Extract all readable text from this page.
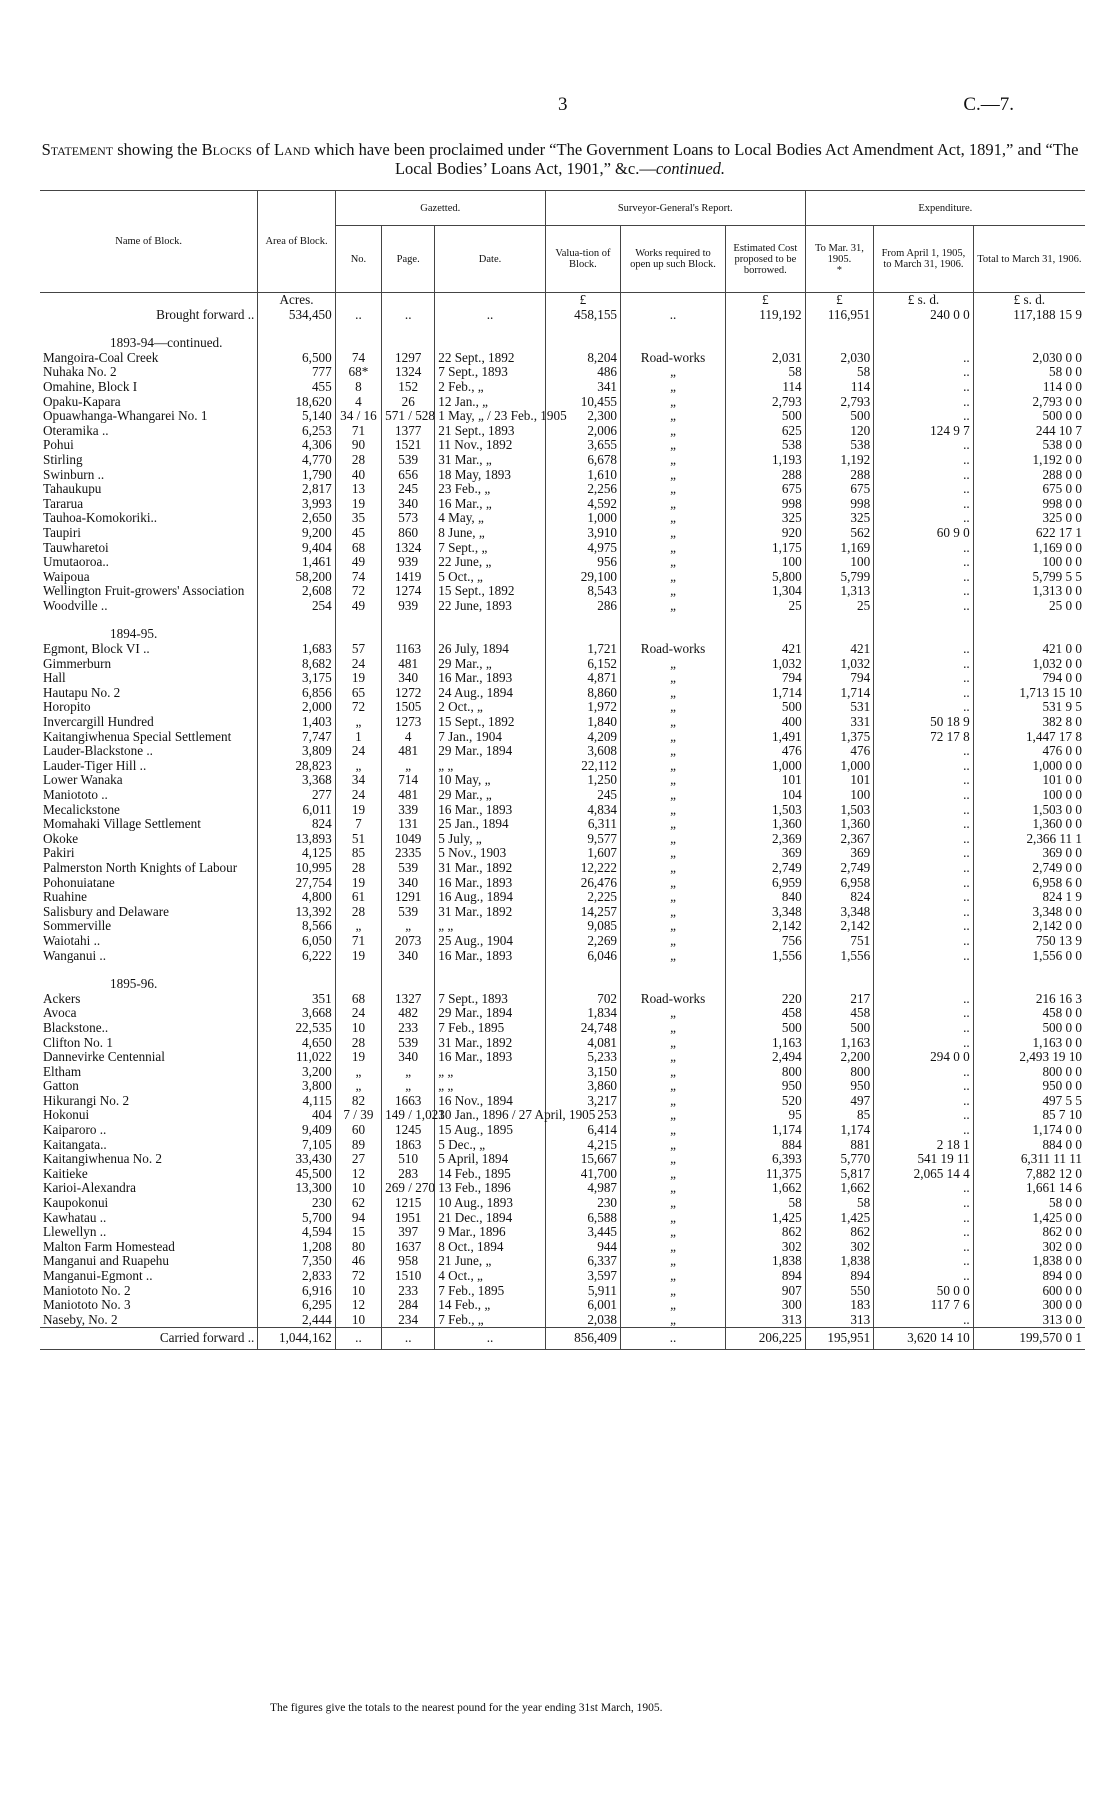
3	C.—7.
Statement showing the Blocks of Land which have been proclaimed under “The Government Loans to Local Bodies Act Amendment Act, 1891,” and “The Local Bodies’ Loans Act, 1901,” &c.—continued.
Name of Block.	Area of Block.	Gazetted.			Surveyor-General's Report.			Expenditure.		
		No.	Page.	Date.	Valua-tion of Block.	Works required to open up such Block.	Estimated Cost proposed to be borrowed.	To Mar. 31, 1905.
*	From April 1, 1905, to March 31, 1906.	Total to March 31, 1906.
	Acres.				£		£	£	£ s. d.	£ s. d.
Brought forward ..	534,450	..	..	..	458,155	..	119,192	116,951	240 0 0	117,188 15 9
1893-94—continued.										
Mangoira-Coal Creek	6,500	74	1297	22 Sept., 1892	8,204	Road-works	2,031	2,030	..	2,030 0 0
Nuhaka No. 2	777	68*	1324	7 Sept., 1893	486	„	58	58	..	58 0 0
Omahine, Block I	455	8	152	2 Feb., „	341	„	114	114	..	114 0 0
Opaku-Kapara	18,620	4	26	12 Jan., „	10,455	„	2,793	2,793	..	2,793 0 0
Opuawhanga-Whangarei No. 1	5,140	34 / 16	571 / 528	1 May, „ / 23 Feb., 1905	2,300	„	500	500	..	500 0 0
Oteramika ..	6,253	71	1377	21 Sept., 1893	2,006	„	625	120	124 9 7	244 10 7
Pohui	4,306	90	1521	11 Nov., 1892	3,655	„	538	538	..	538 0 0
Stirling	4,770	28	539	31 Mar., „	6,678	„	1,193	1,192	..	1,192 0 0
Swinburn ..	1,790	40	656	18 May, 1893	1,610	„	288	288	..	288 0 0
Tahaukupu	2,817	13	245	23 Feb., „	2,256	„	675	675	..	675 0 0
Tararua	3,993	19	340	16 Mar., „	4,592	„	998	998	..	998 0 0
Tauhoa-Komokoriki..	2,650	35	573	4 May, „	1,000	„	325	325	..	325 0 0
Taupiri	9,200	45	860	8 June, „	3,910	„	920	562	60 9 0	622 17 1
Tauwharetoi	9,404	68	1324	7 Sept., „	4,975	„	1,175	1,169	..	1,169 0 0
Umutaoroa..	1,461	49	939	22 June, „	956	„	100	100	..	100 0 0
Waipoua	58,200	74	1419	5 Oct., „	29,100	„	5,800	5,799	..	5,799 5 5
Wellington Fruit-growers' Association	2,608	72	1274	15 Sept., 1892	8,543	„	1,304	1,313	..	1,313 0 0
Woodville ..	254	49	939	22 June, 1893	286	„	25	25	..	25 0 0
1894-95.										
Egmont, Block VI ..	1,683	57	1163	26 July, 1894	1,721	Road-works	421	421	..	421 0 0
Gimmerburn	8,682	24	481	29 Mar., „	6,152	„	1,032	1,032	..	1,032 0 0
Hall	3,175	19	340	16 Mar., 1893	4,871	„	794	794	..	794 0 0
Hautapu No. 2	6,856	65	1272	24 Aug., 1894	8,860	„	1,714	1,714	..	1,713 15 10
Horopito	2,000	72	1505	2 Oct., „	1,972	„	500	531	..	531 9 5
Invercargill Hundred	1,403	„	1273	15 Sept., 1892	1,840	„	400	331	50 18 9	382 8 0
Kaitangiwhenua Special Settlement	7,747	1	4	7 Jan., 1904	4,209	„	1,491	1,375	72 17 8	1,447 17 8
Lauder-Blackstone ..	3,809	24	481	29 Mar., 1894	3,608	„	476	476	..	476 0 0
Lauder-Tiger Hill ..	28,823	„	„	„ „	22,112	„	1,000	1,000	..	1,000 0 0
Lower Wanaka	3,368	34	714	10 May, „	1,250	„	101	101	..	101 0 0
Maniototo ..	277	24	481	29 Mar., „	245	„	104	100	..	100 0 0
Mecalickstone	6,011	19	339	16 Mar., 1893	4,834	„	1,503	1,503	..	1,503 0 0
Momahaki Village Settlement	824	7	131	25 Jan., 1894	6,311	„	1,360	1,360	..	1,360 0 0
Okoke	13,893	51	1049	5 July, „	9,577	„	2,369	2,367	..	2,366 11 1
Pakiri	4,125	85	2335	5 Nov., 1903	1,607	„	369	369	..	369 0 0
Palmerston North Knights of Labour	10,995	28	539	31 Mar., 1892	12,222	„	2,749	2,749	..	2,749 0 0
Pohonuiatane	27,754	19	340	16 Mar., 1893	26,476	„	6,959	6,958	..	6,958 6 0
Ruahine	4,800	61	1291	16 Aug., 1894	2,225	„	840	824	..	824 1 9
Salisbury and Delaware	13,392	28	539	31 Mar., 1892	14,257	„	3,348	3,348	..	3,348 0 0
Sommerville	8,566	„	„	„ „	9,085	„	2,142	2,142	..	2,142 0 0
Waiotahi ..	6,050	71	2073	25 Aug., 1904	2,269	„	756	751	..	750 13 9
Wanganui ..	6,222	19	340	16 Mar., 1893	6,046	„	1,556	1,556	..	1,556 0 0
1895-96.										
Ackers	351	68	1327	7 Sept., 1893	702	Road-works	220	217	..	216 16 3
Avoca	3,668	24	482	29 Mar., 1894	1,834	„	458	458	..	458 0 0
Blackstone..	22,535	10	233	7 Feb., 1895	24,748	„	500	500	..	500 0 0
Clifton No. 1	4,650	28	539	31 Mar., 1892	4,081	„	1,163	1,163	..	1,163 0 0
Dannevirke Centennial	11,022	19	340	16 Mar., 1893	5,233	„	2,494	2,200	294 0 0	2,493 19 10
Eltham	3,200	„	„	„ „	3,150	„	800	800	..	800 0 0
Gatton	3,800	„	„	„ „	3,860	„	950	950	..	950 0 0
Hikurangi No. 2	4,115	82	1663	16 Nov., 1894	3,217	„	520	497	..	497 5 5
Hokonui	404	7 / 39	149 / 1,021	30 Jan., 1896 / 27 April, 1905	253	„	95	85	..	85 7 10
Kaiparoro ..	9,409	60	1245	15 Aug., 1895	6,414	„	1,174	1,174	..	1,174 0 0
Kaitangata..	7,105	89	1863	5 Dec., „	4,215	„	884	881	2 18 1	884 0 0
Kaitangiwhenua No. 2	33,430	27	510	5 April, 1894	15,667	„	6,393	5,770	541 19 11	6,311 11 11
Kaitieke	45,500	12	283	14 Feb., 1895	41,700	„	11,375	5,817	2,065 14 4	7,882 12 0
Karioi-Alexandra	13,300	10	269 / 270	13 Feb., 1896	4,987	„	1,662	1,662	..	1,661 14 6
Kaupokonui	230	62	1215	10 Aug., 1893	230	„	58	58	..	58 0 0
Kawhatau ..	5,700	94	1951	21 Dec., 1894	6,588	„	1,425	1,425	..	1,425 0 0
Llewellyn ..	4,594	15	397	9 Mar., 1896	3,445	„	862	862	..	862 0 0
Malton Farm Homestead	1,208	80	1637	8 Oct., 1894	944	„	302	302	..	302 0 0
Manganui and Ruapehu	7,350	46	958	21 June, „	6,337	„	1,838	1,838	..	1,838 0 0
Manganui-Egmont ..	2,833	72	1510	4 Oct., „	3,597	„	894	894	..	894 0 0
Maniototo No. 2	6,916	10	233	7 Feb., 1895	5,911	„	907	550	50 0 0	600 0 0
Maniototo No. 3	6,295	12	284	14 Feb., „	6,001	„	300	183	117 7 6	300 0 0
Naseby, No. 2	2,444	10	234	7 Feb., „	2,038	„	313	313	..	313 0 0
Carried forward ..	1,044,162	..	..	..	856,409	..	206,225	195,951	3,620 14 10	199,570 0 1
The figures give the totals to the nearest pound for the year ending 31st March, 1905.
